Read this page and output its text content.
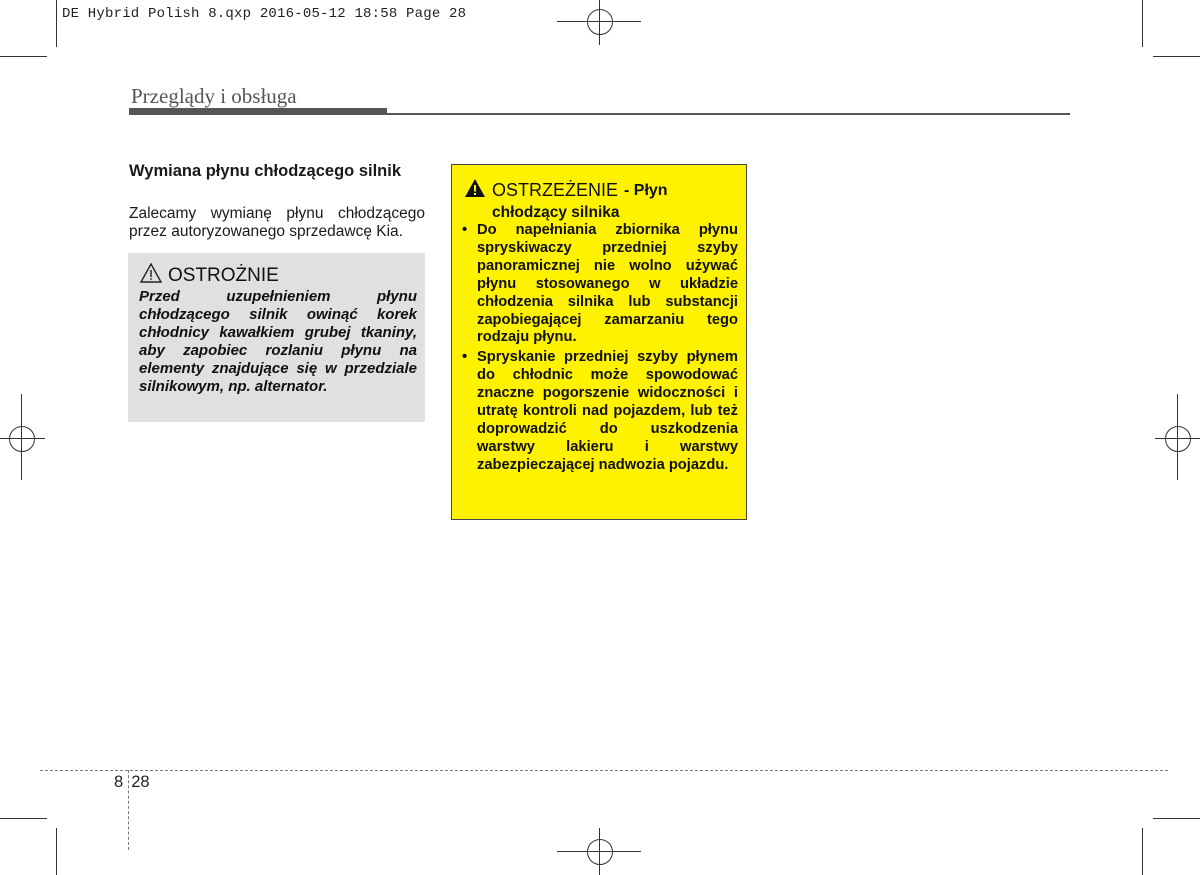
DE Hybrid Polish 8.qxp 2016-05-12 18:58 Page 28
Przeglądy i obsługa
Wymiana płynu chłodzącego silnik
Zalecamy wymianę płynu chłodzącego przez autoryzowanego sprzedawcę Kia.
OSTROŻNIE
Przed uzupełnieniem płynu chłodzącego silnik owinąć korek chłodnicy kawałkiem grubej tkaniny, aby zapobiec rozlaniu płynu na elementy znajdujące się w przedziale silnikowym, np. alternator.
OSTRZEŻENIE - Płyn
chłodzący silnika
• Do napełniania zbiornika płynu spryskiwaczy przedniej szyby panoramicznej nie wolno używać płynu stosowanego w układzie chłodzenia silnika lub substancji zapobiegającej zamarzaniu tego rodzaju płynu.
• Spryskanie przedniej szyby płynem do chłodnic może spowodować znaczne pogorszenie widoczności i utratę kontroli nad pojazdem, lub też doprowadzić do uszkodzenia warstwy lakieru i warstwy zabezpieczającej nadwozia pojazdu.
8 28
